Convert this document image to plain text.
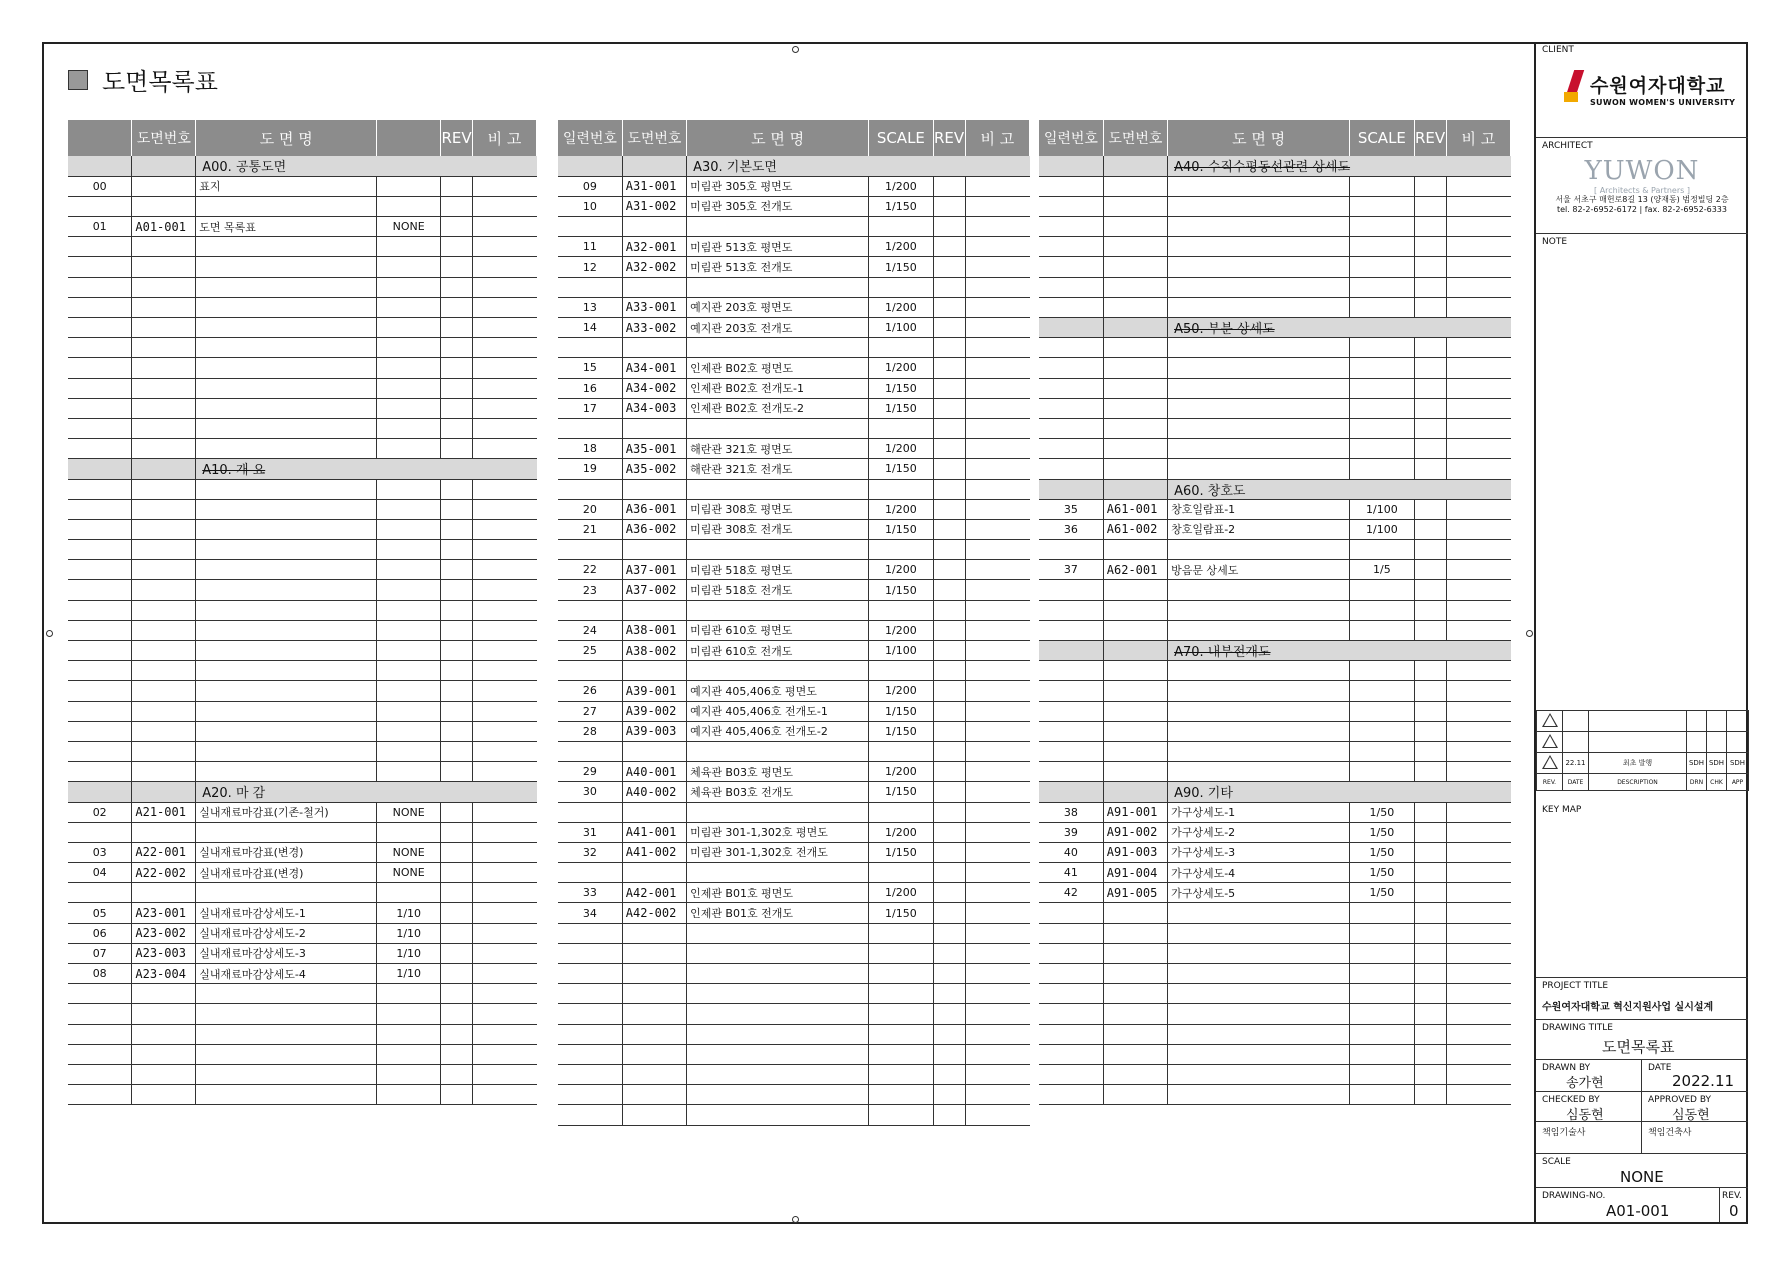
도면목록표
	도면번호	도 면 명		REV	비 고
		A00. 공통도면			
00		표지			

01	A01-001	도면 목록표	NONE		

		A10. 개 요			

		A20. 마 감			
02	A21-001	실내재료마감표(기존-철거)	NONE		

03	A22-001	실내재료마감표(변경)	NONE		
04	A22-002	실내재료마감표(변경)	NONE		

05	A23-001	실내재료마감상세도-1	1/10		
06	A23-002	실내재료마감상세도-2	1/10		
07	A23-003	실내재료마감상세도-3	1/10		
08	A23-004	실내재료마감상세도-4	1/10		

일련번호	도면번호	도 면 명	SCALE	REV	비 고
		A30. 기본도면			
09	A31-001	미림관 305호 평면도	1/200		
10	A31-002	미림관 305호 전개도	1/150		

11	A32-001	미림관 513호 평면도	1/200		
12	A32-002	미림관 513호 전개도	1/150		

13	A33-001	예지관 203호 평면도	1/200		
14	A33-002	예지관 203호 전개도	1/100		

15	A34-001	인제관 B02호 평면도	1/200		
16	A34-002	인제관 B02호 전개도-1	1/150		
17	A34-003	인제관 B02호 전개도-2	1/150		

18	A35-001	해란관 321호 평면도	1/200		
19	A35-002	해란관 321호 전개도	1/150		

20	A36-001	미림관 308호 평면도	1/200		
21	A36-002	미림관 308호 전개도	1/150		

22	A37-001	미림관 518호 평면도	1/200		
23	A37-002	미림관 518호 전개도	1/150		

24	A38-001	미림관 610호 평면도	1/200		
25	A38-002	미림관 610호 전개도	1/100		

26	A39-001	예지관 405,406호 평면도	1/200		
27	A39-002	예지관 405,406호 전개도-1	1/150		
28	A39-003	예지관 405,406호 전개도-2	1/150		

29	A40-001	체육관 B03호 평면도	1/200		
30	A40-002	체육관 B03호 전개도	1/150		

31	A41-001	미림관 301-1,302호 평면도	1/200		
32	A41-002	미림관 301-1,302호 전개도	1/150		

33	A42-001	인제관 B01호 평면도	1/200		
34	A42-002	인제관 B01호 전개도	1/150		

일련번호	도면번호	도 면 명	SCALE	REV	비 고
		A40. 수직수평동선관련 상세도			

		A50. 부분 상세도			

		A60. 창호도			
35	A61-001	창호일람표-1	1/100		
36	A61-002	창호일람표-2	1/100		

37	A62-001	방음문 상세도	1/5		

		A70. 내부전개도			

		A90. 기타			
38	A91-001	가구상세도-1	1/50		
39	A91-002	가구상세도-2	1/50		
40	A91-003	가구상세도-3	1/50		
41	A91-004	가구상세도-4	1/50		
42	A91-005	가구상세도-5	1/50		

CLIENT
수원여자대학교
SUWON WOMEN'S UNIVERSITY
ARCHITECT
YUWON
[ Architects & Partners ]
서울 서초구 매헌로8길 13 (양재동) 범정빌딩 2층
tel. 82-2-6952-6172 | fax. 82-2-6952-6333
NOTE

	22.11	최초 발행	SDH	SDH	SDH
REV.	DATE	DESCRIPTION	DRN	CHK	APP
KEY MAP
PROJECT TITLE
수원여자대학교 혁신지원사업 실시설계
DRAWING TITLE
도면목록표
DRAWN BY
송가현
DATE
2022.11
CHECKED BY
심동현
APPROVED BY
심동현
책임기술사	책임건축사
SCALE
NONE
DRAWING-NO.
A01-001
REV.
0
